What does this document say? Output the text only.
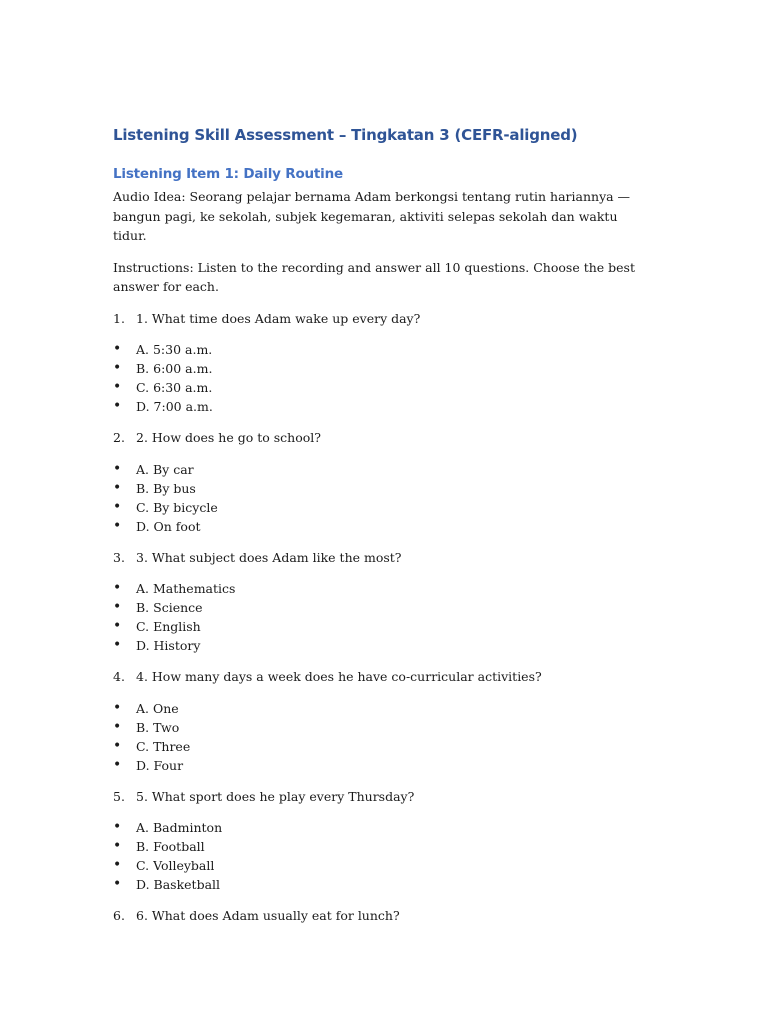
Listening Skill Assessment – Tingkatan 3 (CEFR-aligned)
Listening Item 1: Daily Routine

Audio Idea: Seorang pelajar bernama Adam berkongsi tentang rutin hariannya — bangun pagi, ke sekolah, subjek kegemaran, aktiviti selepas sekolah dan waktu tidur.

Instructions: Listen to the recording and answer all 10 questions. Choose the best answer for each.

1. 1. What time does Adam wake up every day?
•	A. 5:30 a.m.
•	B. 6:00 a.m.
•	C. 6:30 a.m.
•	D. 7:00 a.m.
2. 2. How does he go to school?
•	A. By car
•	B. By bus
•	C. By bicycle
•	D. On foot
3. 3. What subject does Adam like the most?
•	A. Mathematics
•	B. Science
•	C. English
•	D. History
4. 4. How many days a week does he have co-curricular activities?
•	A. One
•	B. Two
•	C. Three
•	D. Four
5. 5. What sport does he play every Thursday?
•	A. Badminton
•	B. Football
•	C. Volleyball
•	D. Basketball
6. 6. What does Adam usually eat for lunch?
